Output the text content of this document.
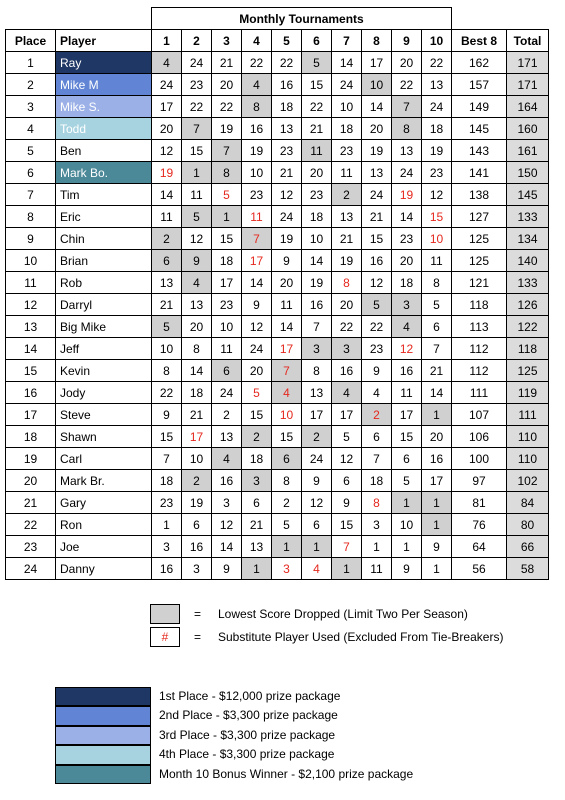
		Monthly Tournaments											
Place	Player	1	2	3	4	5	6	7	8	9	10	Best 8	Total
1	Ray	4	24	21	22	22	5	14	17	20	22	162	171
2	Mike M	24	23	20	4	16	15	24	10	22	13	157	171
3	Mike S.	17	22	22	8	18	22	10	14	7	24	149	164
4	Todd	20	7	19	16	13	21	18	20	8	18	145	160
5	Ben	12	15	7	19	23	11	23	19	13	19	143	161
6	Mark Bo.	19	1	8	10	21	20	11	13	24	23	141	150
7	Tim	14	11	5	23	12	23	2	24	19	12	138	145
8	Eric	11	5	1	11	24	18	13	21	14	15	127	133
9	Chin	2	12	15	7	19	10	21	15	23	10	125	134
10	Brian	6	9	18	17	9	14	19	16	20	11	125	140
11	Rob	13	4	17	14	20	19	8	12	18	8	121	133
12	Darryl	21	13	23	9	11	16	20	5	3	5	118	126
13	Big Mike	5	20	10	12	14	7	22	22	4	6	113	122
14	Jeff	10	8	11	24	17	3	3	23	12	7	112	118
15	Kevin	8	14	6	20	7	8	16	9	16	21	112	125
16	Jody	22	18	24	5	4	13	4	4	11	14	111	119
17	Steve	9	21	2	15	10	17	17	2	17	1	107	111
18	Shawn	15	17	13	2	15	2	5	6	15	20	106	110
19	Carl	7	10	4	18	6	24	12	7	6	16	100	110
20	Mark Br.	18	2	16	3	8	9	6	18	5	17	97	102
21	Gary	23	19	3	6	2	12	9	8	1	1	81	84
22	Ron	1	6	12	21	5	6	15	3	10	1	76	80
23	Joe	3	16	14	13	1	1	7	1	1	9	64	66
24	Danny	16	3	9	1	3	4	1	11	9	1	56	58
= Lowest Score Dropped (Limit Two Per Season)
#	= Substitute Player Used (Excluded From Tie-Breakers)
1st Place - $12,000 prize package
2nd Place - $3,300 prize package
3rd Place - $3,300 prize package
4th Place - $3,300 prize package
Month 10 Bonus Winner - $2,100 prize package
